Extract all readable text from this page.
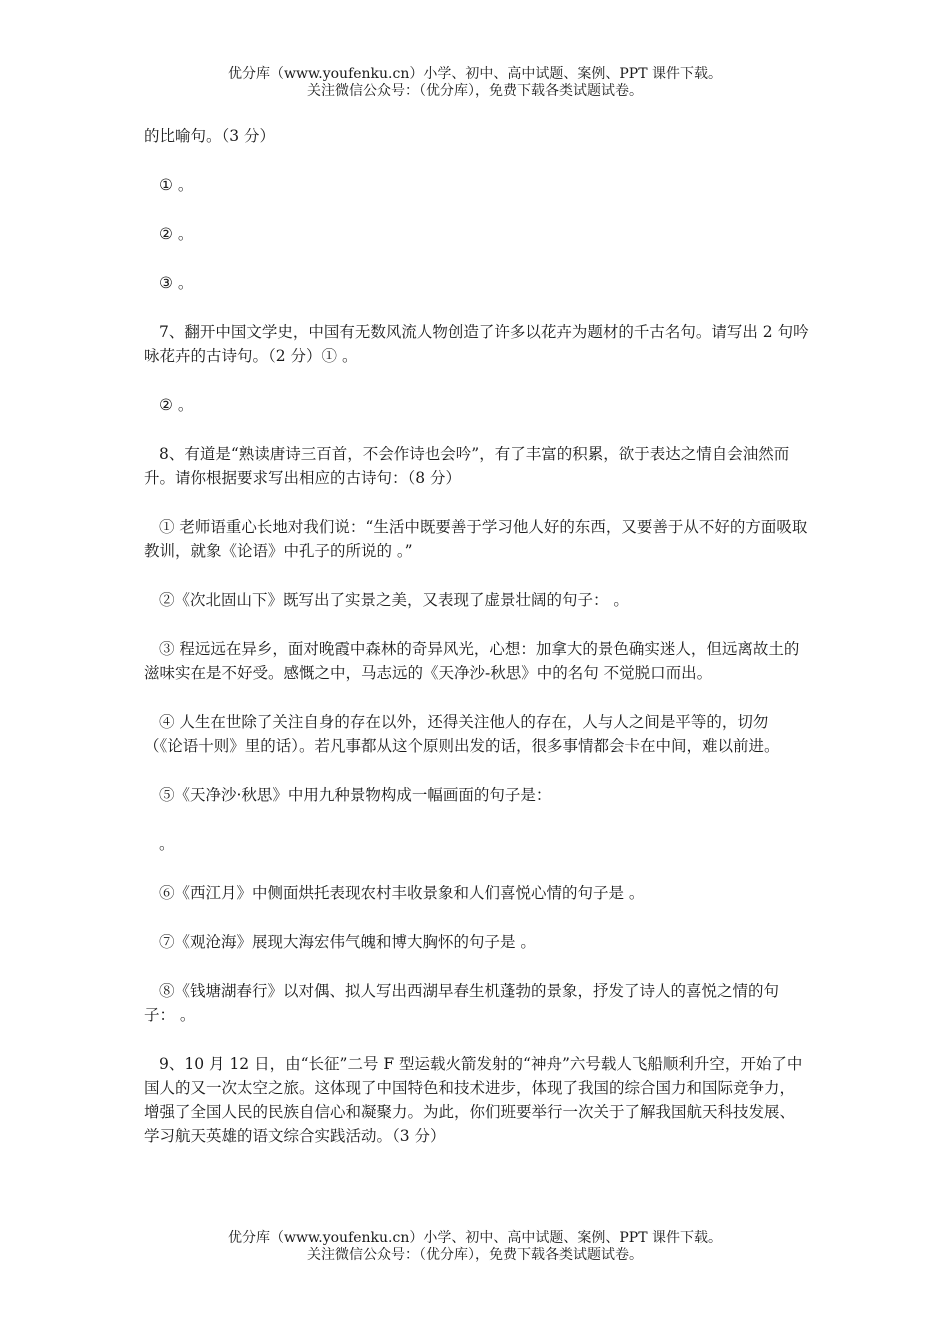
优分库（www.youfenku.cn）小学、初中、高中试题、案例、PPT 课件下载。
关注微信公众号：（优分库），免费下载各类试题试卷。

的比喻句。（3 分）

① 。

② 。

③ 。

7、翻开中国文学史，中国有无数风流人物创造了许多以花卉为题材的千古名句。请写出 2 句吟咏花卉的古诗句。（2 分）① 。

② 。

8、有道是“熟读唐诗三百首，不会作诗也会吟”，有了丰富的积累，欲于表达之情自会油然而升。请你根据要求写出相应的古诗句：（8 分）

① 老师语重心长地对我们说：“生活中既要善于学习他人好的东西，又要善于从不好的方面吸取教训，就象《论语》中孔子的所说的 。”

②《次北固山下》既写出了实景之美，又表现了虚景壮阔的句子： 。

③ 程远远在异乡，面对晚霞中森林的奇异风光，心想：加拿大的景色确实迷人，但远离故土的滋味实在是不好受。感慨之中，马志远的《天净沙-秋思》中的名句 不觉脱口而出。

④ 人生在世除了关注自身的存在以外，还得关注他人的存在，人与人之间是平等的，切勿 （《论语十则》里的话）。若凡事都从这个原则出发的话，很多事情都会卡在中间，难以前进。

⑤《天净沙·秋思》中用九种景物构成一幅画面的句子是：

。

⑥《西江月》中侧面烘托表现农村丰收景象和人们喜悦心情的句子是 。

⑦《观沧海》展现大海宏伟气魄和博大胸怀的句子是 。

⑧《钱塘湖春行》以对偶、拟人写出西湖早春生机蓬勃的景象，抒发了诗人的喜悦之情的句子： 。

9、10 月 12 日，由“长征”二号 F 型运载火箭发射的“神舟”六号载人飞船顺利升空，开始了中国人的又一次太空之旅。这体现了中国特色和技术进步，体现了我国的综合国力和国际竞争力，增强了全国人民的民族自信心和凝聚力。为此，你们班要举行一次关于了解我国航天科技发展、学习航天英雄的语文综合实践活动。（3 分）

优分库（www.youfenku.cn）小学、初中、高中试题、案例、PPT 课件下载。
关注微信公众号：（优分库），免费下载各类试题试卷。
